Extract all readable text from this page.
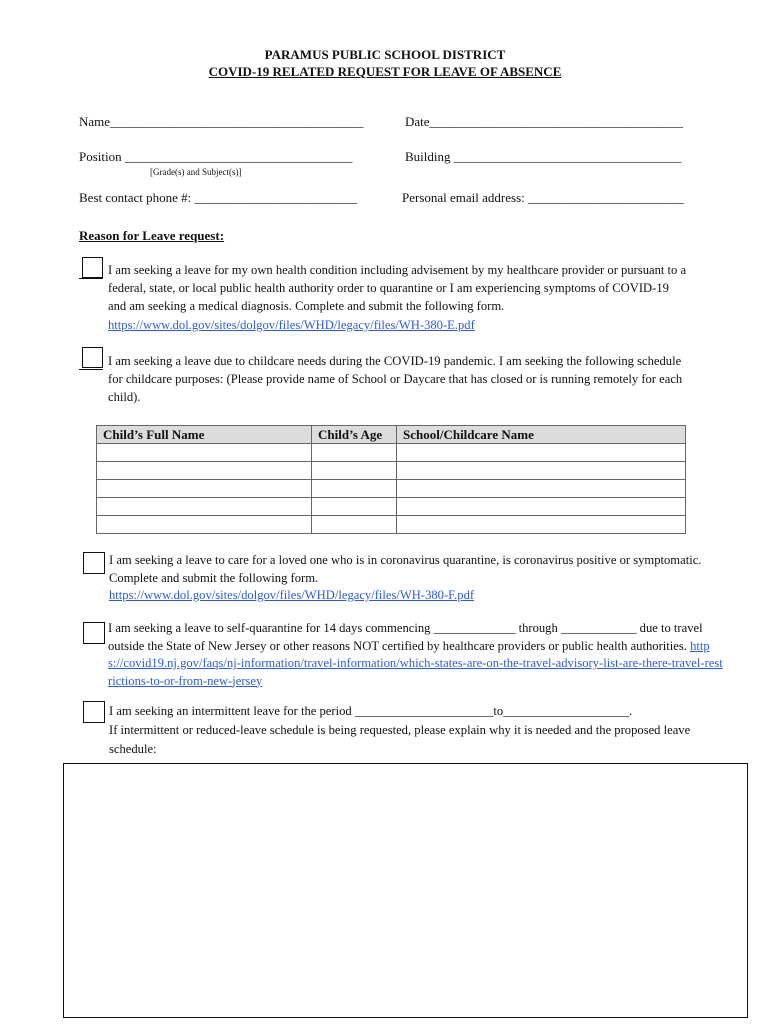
PARAMUS PUBLIC SCHOOL DISTRICT
COVID-19 RELATED REQUEST FOR LEAVE OF ABSENCE
Name_______________________________________	Date_______________________________________
Position ___________________________________
[Grade(s) and Subject(s)]
Building ___________________________________
Best contact phone #: _________________________	Personal email address: ________________________
Reason for Leave request:
I am seeking a leave for my own health condition including advisement by my healthcare provider or pursuant to a federal, state, or local public health authority order to quarantine or I am experiencing symptoms of COVID-19 and am seeking a medical diagnosis. Complete and submit the following form. https://www.dol.gov/sites/dolgov/files/WHD/legacy/files/WH-380-E.pdf
I am seeking a leave due to childcare needs during the COVID-19 pandemic. I am seeking the following schedule for childcare purposes: (Please provide name of School or Daycare that has closed or is running remotely for each child).
Child’s Full Name	Child’s Age	School/Childcare Name

I am seeking a leave to care for a loved one who is in coronavirus quarantine, is coronavirus positive or symptomatic. Complete and submit the following form.
https://www.dol.gov/sites/dolgov/files/WHD/legacy/files/WH-380-F.pdf
I am seeking a leave to self-quarantine for 14 days commencing _____________ through ____________ due to travel outside the State of New Jersey or other reasons NOT certified by healthcare providers or public health authorities. https://covid19.nj.gov/faqs/nj-information/travel-information/which-states-are-on-the-travel-advisory-list-are-there-travel-restrictions-to-or-from-new-jersey
I am seeking an intermittent leave for the period ______________________to____________________.
If intermittent or reduced-leave schedule is being requested, please explain why it is needed and the proposed leave schedule:
